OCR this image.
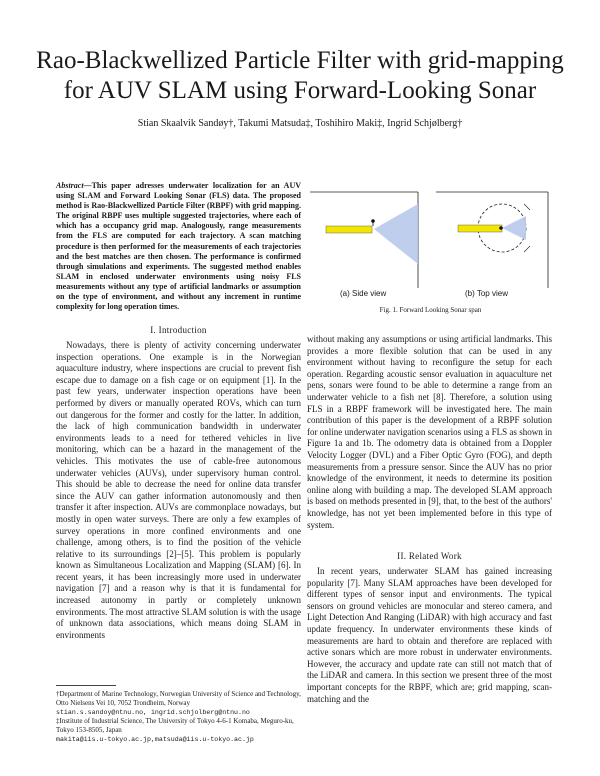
Rao-Blackwellized Particle Filter with grid-mapping for AUV SLAM using Forward-Looking Sonar
Stian Skaalvik Sandøy†, Takumi Matsuda‡, Toshihiro Maki‡, Ingrid Schjølberg†
Abstract—This paper adresses underwater localization for an AUV using SLAM and Forward Looking Sonar (FLS) data. The proposed method is Rao-Blackwellized Particle Filter (RBPF) with grid mapping. The original RBPF uses multiple suggested trajectories, where each of which has a occupancy grid map. Analogously, range measurements from the FLS are computed for each trajectory. A scan matching procedure is then performed for the measurements of each trajectories and the best matches are then chosen. The performance is confirmed through simulations and experiments. The suggested method enables SLAM in enclosed underwater environments using noisy FLS measurements without any type of artificial landmarks or assumption on the type of environment, and without any increment in runtime complexity for long operation times.
(a) Side view	(b) Top view
Fig. 1. Forward Looking Sonar span
I. Introduction

Nowadays, there is plenty of activity concerning underwater inspection operations. One example is in the Norwegian aquaculture industry, where inspections are crucial to prevent fish escape due to damage on a fish cage or on equipment [1]. In the past few years, underwater inspection operations have been performed by divers or manually operated ROVs, which can turn out dangerous for the former and costly for the latter. In addition, the lack of high communication bandwidth in underwater environments leads to a need for tethered vehicles in live monitoring, which can be a hazard in the management of the vehicles. This motivates the use of cable-free autonomous underwater vehicles (AUVs), under supervisory human control. This should be able to decrease the need for online data transfer since the AUV can gather information autonomously and then transfer it after inspection. AUVs are commonplace nowadays, but mostly in open water surveys. There are only a few examples of survey operations in more confined environments and one challenge, among others, is to find the position of the vehicle relative to its surroundings [2]–[5]. This problem is popularly known as Simultaneous Localization and Mapping (SLAM) [6]. In recent years, it has been increasingly more used in underwater navigation [7] and a reason why is that it is fundamental for increased autonomy in partly or completely unknown environments. The most attractive SLAM solution is with the usage of unknown data associations, which means doing SLAM in environments

without making any assumptions or using artificial landmarks. This provides a more flexible solution that can be used in any environment without having to reconfigure the setup for each operation. Regarding acoustic sensor evaluation in aquaculture net pens, sonars were found to be able to determine a range from an underwater vehicle to a fish net [8]. Therefore, a solution using FLS in a RBPF framework will be investigated here. The main contribution of this paper is the development of a RBPF solution for online underwater navigation scenarios using a FLS as shown in Figure 1a and 1b. The odometry data is obtained from a Doppler Velocity Logger (DVL) and a Fiber Optic Gyro (FOG), and depth measurements from a pressure sensor. Since the AUV has no prior knowledge of the environment, it needs to determine its position online along with building a map. The developed SLAM approach is based on methods presented in [9], that, to the best of the authors' knowledge, has not yet been implemented before in this type of system.

II. Related Work

In recent years, underwater SLAM has gained increasing popularity [7]. Many SLAM approaches have been developed for different types of sensor input and environments. The typical sensors on ground vehicles are monocular and stereo camera, and Light Detection And Ranging (LiDAR) with high accuracy and fast update frequency. In underwater environments these kinds of measurements are hard to obtain and therefore are replaced with active sonars which are more robust in underwater environments. However, the accuracy and update rate can still not match that of the LiDAR and camera. In this section we present three of the most important concepts for the RBPF, which are; grid mapping, scan-matching and the

†Department of Marine Technology, Norwegian University of Science and Technology, Otto Nielsens Vei 10, 7052 Trondheim, Norway
stian.s.sandoy@ntnu.no, ingrid.schjolberg@ntnu.no
‡Institute of Industrial Science, The University of Tokyo 4-6-1 Komaba, Meguro-ku, Tokyo 153-8505, Japan
makita@iis.u-tokyo.ac.jp,matsuda@iis.u-tokyo.ac.jp
